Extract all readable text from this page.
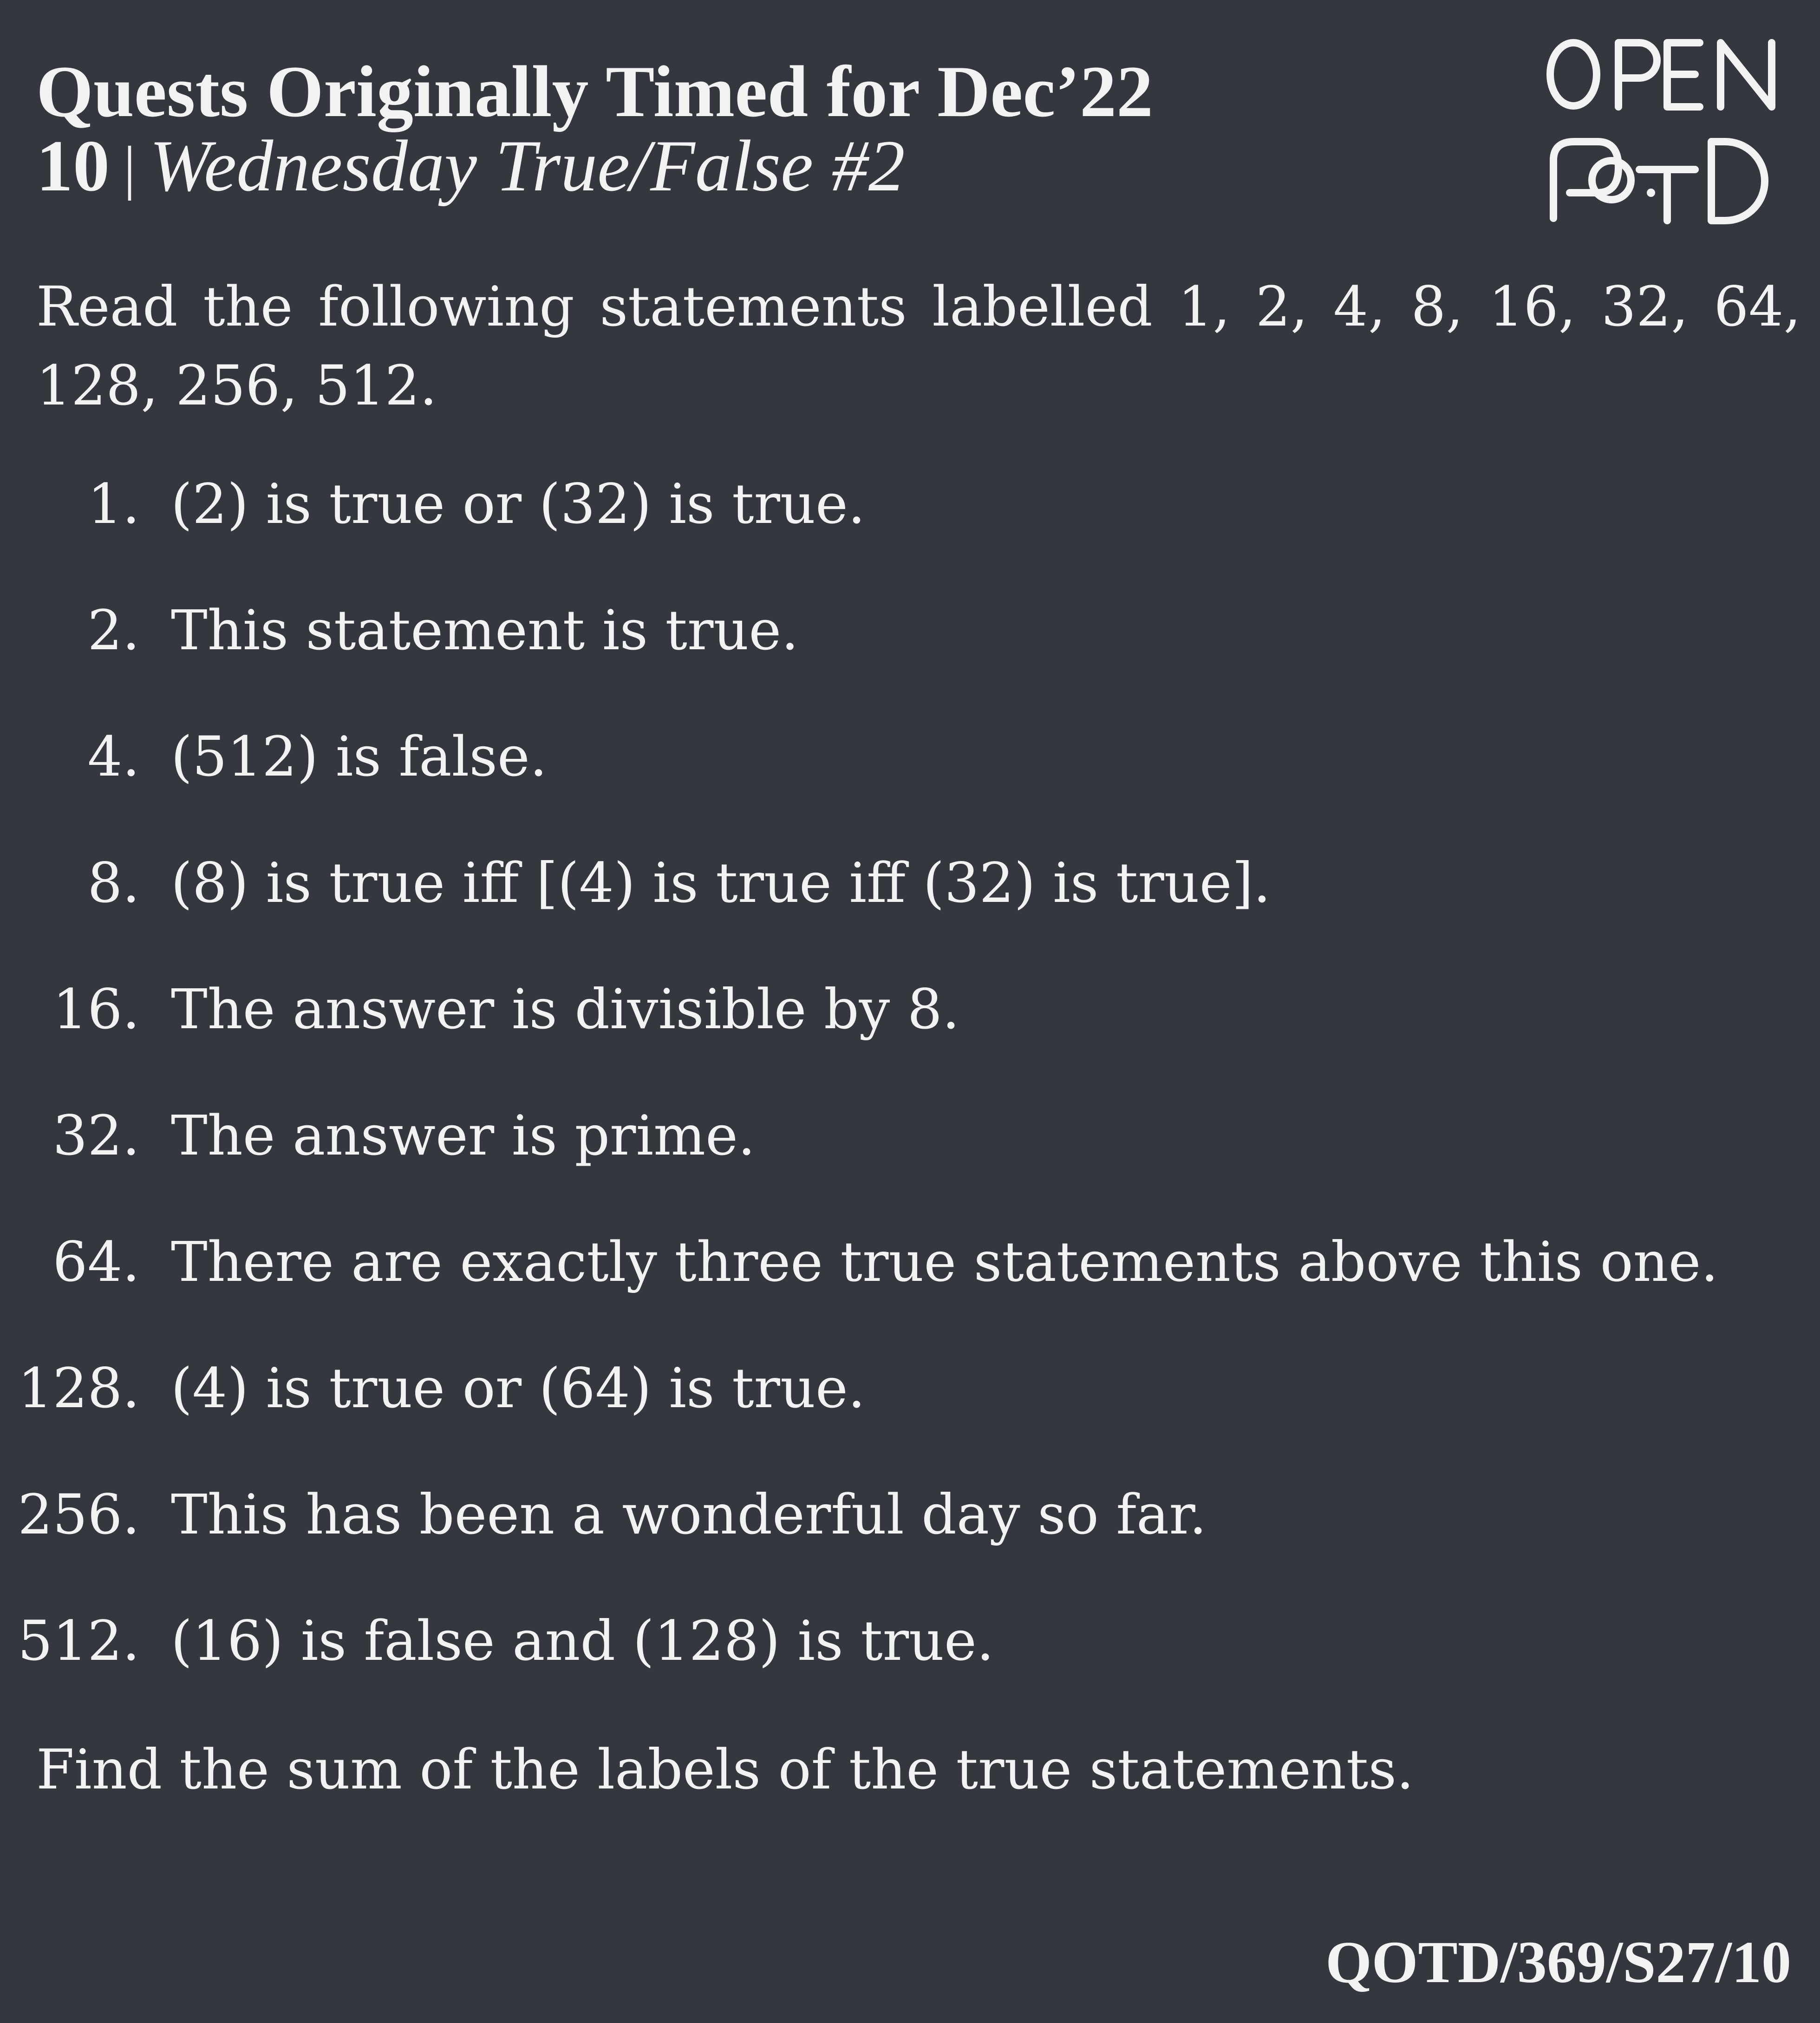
Quests Originally Timed for Dec’22
10 | Wednesday True/False #2
Read the following statements labelled 1, 2, 4, 8, 16, 32, 64, 128, 256, 512.
1. (2) is true or (32) is true.
2. This statement is true.
4. (512) is false.
8. (8) is true iff [(4) is true iff (32) is true].
16. The answer is divisible by 8.
32. The answer is prime.
64. There are exactly three true statements above this one.
128. (4) is true or (64) is true.
256. This has been a wonderful day so far.
512. (16) is false and (128) is true.
Find the sum of the labels of the true statements.
QOTD/369/S27/10
